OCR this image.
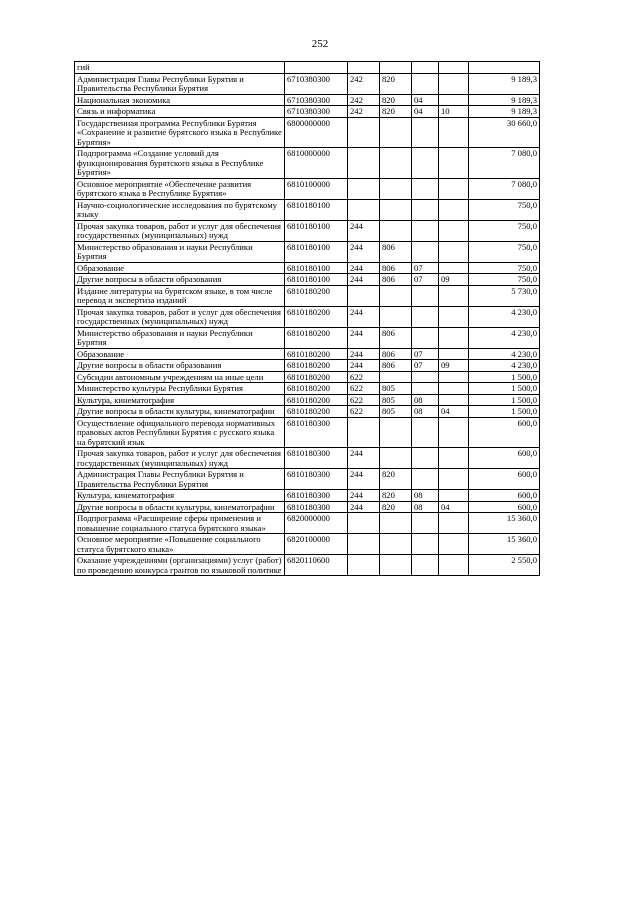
252
гий						
Администрация Главы Республики Бурятия и Правительства Республики Бурятия	6710380300	242	820			9 189,3
Национальная экономика	6710380300	242	820	04		9 189,3
Связь и информатика	6710380300	242	820	04	10	9 189,3
Государственная программа Республики Бурятия «Сохранение и развитие бурятского языка в Республике Бурятия»	6800000000					30 660,0
Подпрограмма «Создание условий для функционирования бурятского языка в Республике Бурятия»	6810000000					7 080,0
Основное мероприятие «Обеспечение развития бурятского языка в Республике Бурятия»	6810100000					7 080,0
Научно-социологические исследования по бурятскому языку	6810180100					750,0
Прочая закупка товаров, работ и услуг для обеспечения государственных (муниципальных) нужд	6810180100	244				750,0
Министерство образования и науки Республики Бурятия	6810180100	244	806			750,0
Образование	6810180100	244	806	07		750,0
Другие вопросы в области образования	6810180100	244	806	07	09	750,0
Издание литературы на бурятском языке, в том числе перевод и экспертиза изданий	6810180200					5 730,0
Прочая закупка товаров, работ и услуг для обеспечения государственных (муниципальных) нужд	6810180200	244				4 230,0
Министерство образования и науки Республики Бурятия	6810180200	244	806			4 230,0
Образование	6810180200	244	806	07		4 230,0
Другие вопросы в области образования	6810180200	244	806	07	09	4 230,0
Субсидии автономным учреждениям на иные цели	6810180200	622				1 500,0
Министерство культуры Республики Бурятия	6810180200	622	805			1 500,0
Культура, кинематография	6810180200	622	805	08		1 500,0
Другие вопросы в области культуры, кинематографии	6810180200	622	805	08	04	1 500,0
Осуществление официального перевода нормативных правовых актов Республики Бурятия с русского языка на бурятский язык	6810180300					600,0
Прочая закупка товаров, работ и услуг для обеспечения государственных (муниципальных) нужд	6810180300	244				600,0
Администрация Главы Республики Бурятия и Правительства Республики Бурятия	6810180300	244	820			600,0
Культура, кинематография	6810180300	244	820	08		600,0
Другие вопросы в области культуры, кинематографии	6810180300	244	820	08	04	600,0
Подпрограмма «Расширение сферы применения и повышение социального статуса бурятского языка»	6820000000					15 360,0
Основное мероприятие «Повышение социального статуса бурятского языка»	6820100000					15 360,0
Оказание учреждениями (организациями) услуг (работ) по проведению конкурса грантов по языковой политике	6820110600					2 550,0
